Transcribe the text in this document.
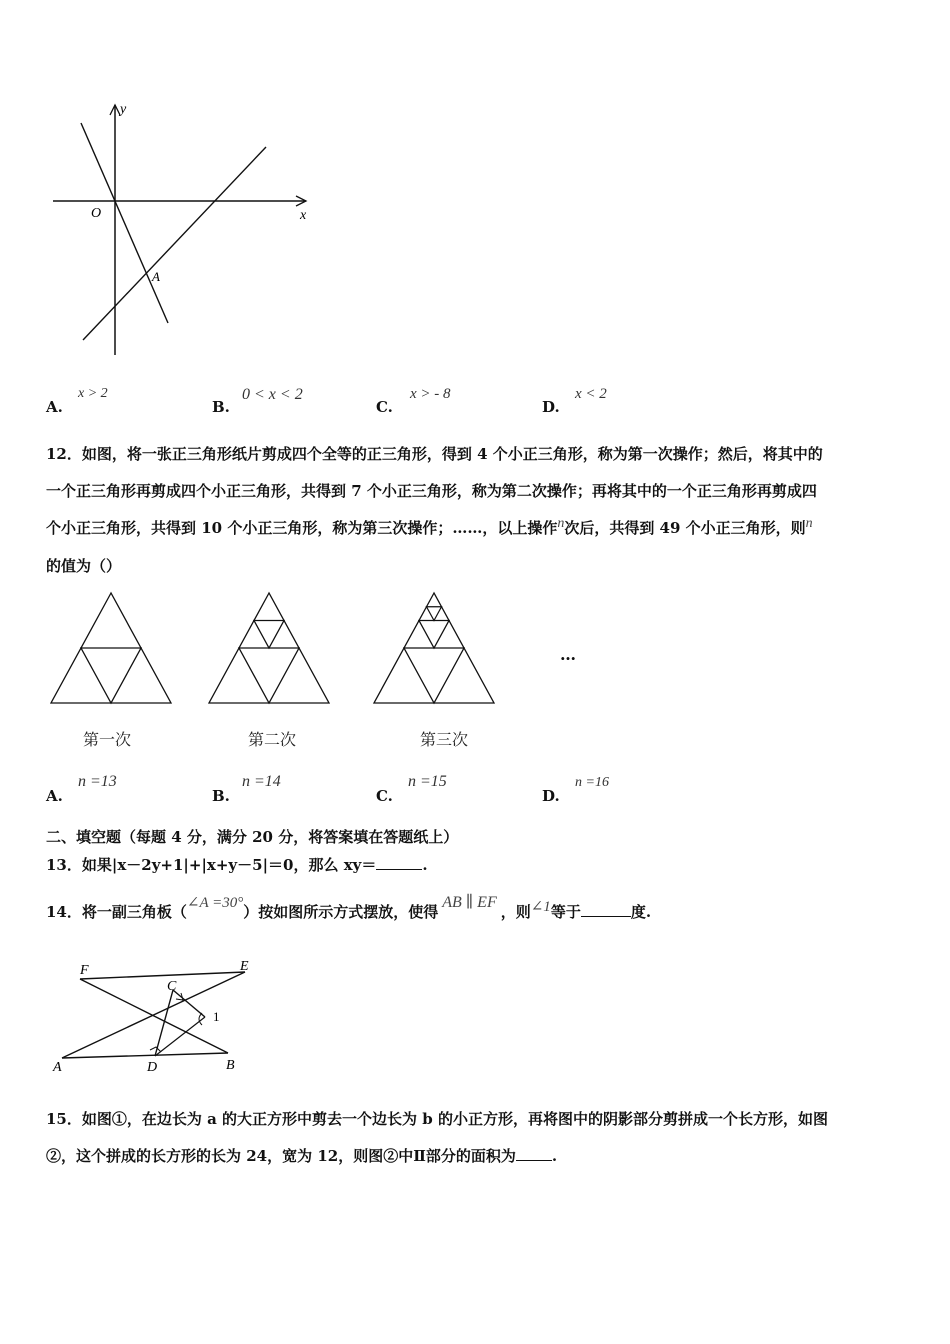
y
x
O
A
A.
x > 2
B.
0 < x < 2
C.
x > - 8
D.
x < 2
12．如图，将一张正三角形纸片剪成四个全等的正三角形，得到 4 个小正三角形，称为第一次操作；然后，将其中的
一个正三角形再剪成四个小正三角形，共得到 7 个小正三角形，称为第二次操作；再将其中的一个正三角形再剪成四
个小正三角形，共得到 10 个小正三角形，称为第三次操作；……，以上操作n次后，共得到 49 个小正三角形，则n
的值为（）
…
第一次	第二次	第三次
A.
n =13
B.
n =14
C.
n =15
D.
n =16
二、填空题（每题 4 分，满分 20 分，将答案填在答题纸上）
13．如果|x－2y+1|+|x+y－5|＝0，那么 xy＝	.
14．将一副三角板（∠A =30°）按如图所示方式摆放，使得AB ∥ EF，则∠1等于	度.
F	E
C
1
A	D	B
15．如图①，在边长为 a 的大正方形中剪去一个边长为 b 的小正方形，再将图中的阴影部分剪拼成一个长方形，如图
②，这个拼成的长方形的长为 24，宽为 12，则图②中Ⅱ部分的面积为 .
